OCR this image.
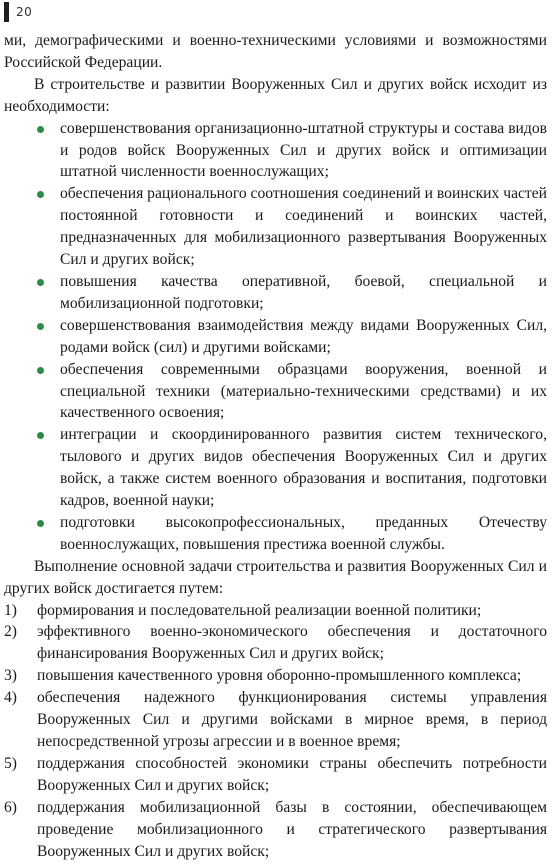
20

ми, демографическими и военно-техническими условиями и возможностями Российской Федерации.

В строительстве и развитии Вооруженных Сил и других войск исходит из необходимости:

совершенствования организационно-штатной структуры и состава видов и родов войск Вооруженных Сил и других войск и оптимизации штатной численности военнослужащих;
обеспечения рационального соотношения соединений и воинских частей постоянной готовности и соединений и воинских частей, предназначенных для мобилизационного развертывания Вооруженных Сил и других войск;
повышения качества оперативной, боевой, специальной и мобилизационной подготовки;
совершенствования взаимодействия между видами Вооруженных Сил, родами войск (сил) и другими войсками;
обеспечения современными образцами вооружения, военной и специальной техники (материально-техническими средствами) и их качественного освоения;
интеграции и скоординированного развития систем технического, тылового и других видов обеспечения Вооруженных Сил и других войск, а также систем военного образования и воспитания, подготовки кадров, военной науки;
подготовки высокопрофессиональных, преданных Отечеству военнослужащих, повышения престижа военной службы.

Выполнение основной задачи строительства и развития Вооруженных Сил и других войск достигается путем:

1) формирования и последовательной реализации военной политики;
2) эффективного военно-экономического обеспечения и достаточного финансирования Вооруженных Сил и других войск;
3) повышения качественного уровня оборонно-промышленного комплекса;
4) обеспечения надежного функционирования системы управления Вооруженных Сил и другими войсками в мирное время, в период непосредственной угрозы агрессии и в военное время;
5) поддержания способностей экономики страны обеспечить потребности Вооруженных Сил и других войск;
6) поддержания мобилизационной базы в состоянии, обеспечивающем проведение мобилизационного и стратегического развертывания Вооруженных Сил и других войск;
